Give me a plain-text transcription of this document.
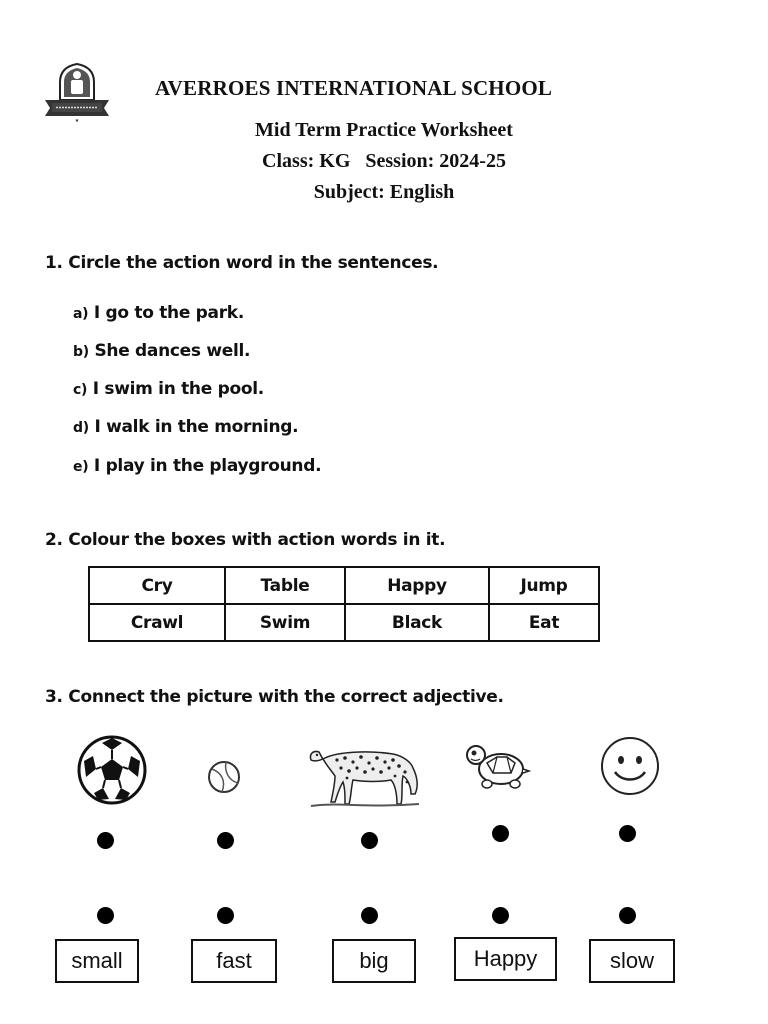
★
AVERROES INTERNATIONAL SCHOOL
Mid Term Practice Worksheet
Class: KG Session: 2024-25
Subject: English
1. Circle the action word in the sentences.
a) I go to the park.
b) She dances well.
c) I swim in the pool.
d) I walk in the morning.
e) I play in the playground.
2. Colour the boxes with action words in it.
Cry	Table	Happy	Jump
Crawl	Swim	Black	Eat
3. Connect the picture with the correct adjective.
small	fast	big	Happy	slow
